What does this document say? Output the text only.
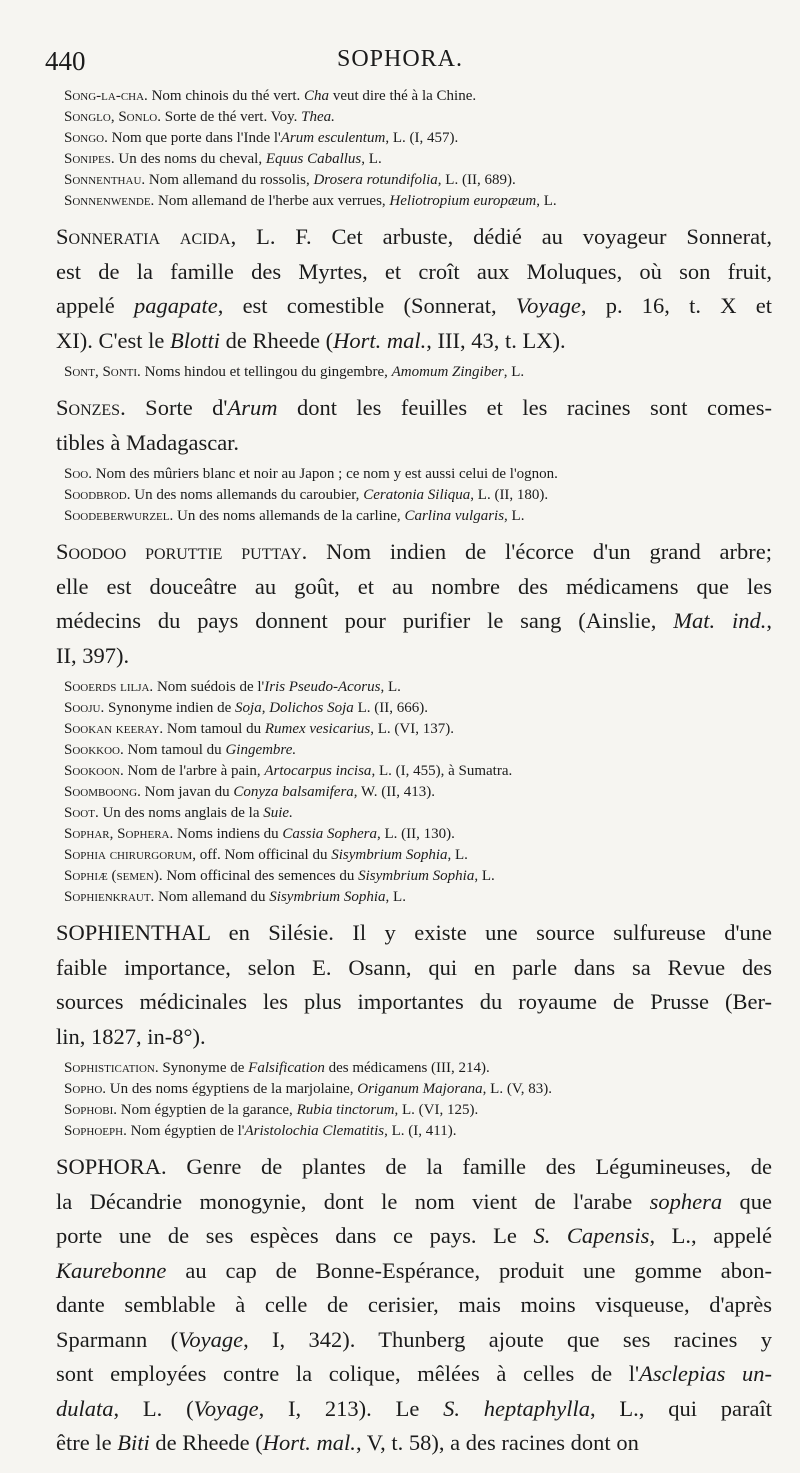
440	SOPHORA.
Song-la-cha. Nom chinois du thé vert. Cha veut dire thé à la Chine.
Songlo, Sonlo. Sorte de thé vert. Voy. Thea.
Songo. Nom que porte dans l'Inde l'Arum esculentum, L. (I, 457).
Sonipes. Un des noms du cheval, Equus Caballus, L.
Sonnenthau. Nom allemand du rossolis, Drosera rotundifolia, L. (II, 689).
Sonnenwende. Nom allemand de l'herbe aux verrues, Heliotropium europæum, L.
Sonneratia acida, L. F. Cet arbuste, dédié au voyageur Sonnerat,
est de la famille des Myrtes, et croît aux Moluques, où son fruit,
appelé pagapate, est comestible (Sonnerat, Voyage, p. 16, t. X et
XI). C'est le Blotti de Rheede (Hort. mal., III, 43, t. LX).
Sont, Sonti. Noms hindou et tellingou du gingembre, Amomum Zingiber, L.
Sonzes. Sorte d'Arum dont les feuilles et les racines sont comes-
tibles à Madagascar.
Soo. Nom des mûriers blanc et noir au Japon ; ce nom y est aussi celui de l'ognon.
Soodbrod. Un des noms allemands du caroubier, Ceratonia Siliqua, L. (II, 180).
Soodeberwurzel. Un des noms allemands de la carline, Carlina vulgaris, L.
Soodoo poruttie puttay. Nom indien de l'écorce d'un grand arbre;
elle est douceâtre au goût, et au nombre des médicamens que les
médecins du pays donnent pour purifier le sang (Ainslie, Mat. ind.,
II, 397).
Sooerds lilja. Nom suédois de l'Iris Pseudo-Acorus, L.
Sooju. Synonyme indien de Soja, Dolichos Soja L. (II, 666).
Sookan keeray. Nom tamoul du Rumex vesicarius, L. (VI, 137).
Sookkoo. Nom tamoul du Gingembre.
Sookoon. Nom de l'arbre à pain, Artocarpus incisa, L. (I, 455), à Sumatra.
Soomboong. Nom javan du Conyza balsamifera, W. (II, 413).
Soot. Un des noms anglais de la Suie.
Sophar, Sophera. Noms indiens du Cassia Sophera, L. (II, 130).
Sophia chirurgorum, off. Nom officinal du Sisymbrium Sophia, L.
Sophiæ (semen). Nom officinal des semences du Sisymbrium Sophia, L.
Sophienkraut. Nom allemand du Sisymbrium Sophia, L.
SOPHIENTHAL en Silésie. Il y existe une source sulfureuse d'une
faible importance, selon E. Osann, qui en parle dans sa Revue des
sources médicinales les plus importantes du royaume de Prusse (Ber-
lin, 1827, in-8°).
Sophistication. Synonyme de Falsification des médicamens (III, 214).
Sopho. Un des noms égyptiens de la marjolaine, Origanum Majorana, L. (V, 83).
Sophobi. Nom égyptien de la garance, Rubia tinctorum, L. (VI, 125).
Sophoeph. Nom égyptien de l'Aristolochia Clematitis, L. (I, 411).
SOPHORA. Genre de plantes de la famille des Légumineuses, de
la Décandrie monogynie, dont le nom vient de l'arabe sophera que
porte une de ses espèces dans ce pays. Le S. Capensis, L., appelé
Kaurebonne au cap de Bonne-Espérance, produit une gomme abon-
dante semblable à celle de cerisier, mais moins visqueuse, d'après
Sparmann (Voyage, I, 342). Thunberg ajoute que ses racines y
sont employées contre la colique, mêlées à celles de l'Asclepias un-
dulata, L. (Voyage, I, 213). Le S. heptaphylla, L., qui paraît
être le Biti de Rheede (Hort. mal., V, t. 58), a des racines dont on
